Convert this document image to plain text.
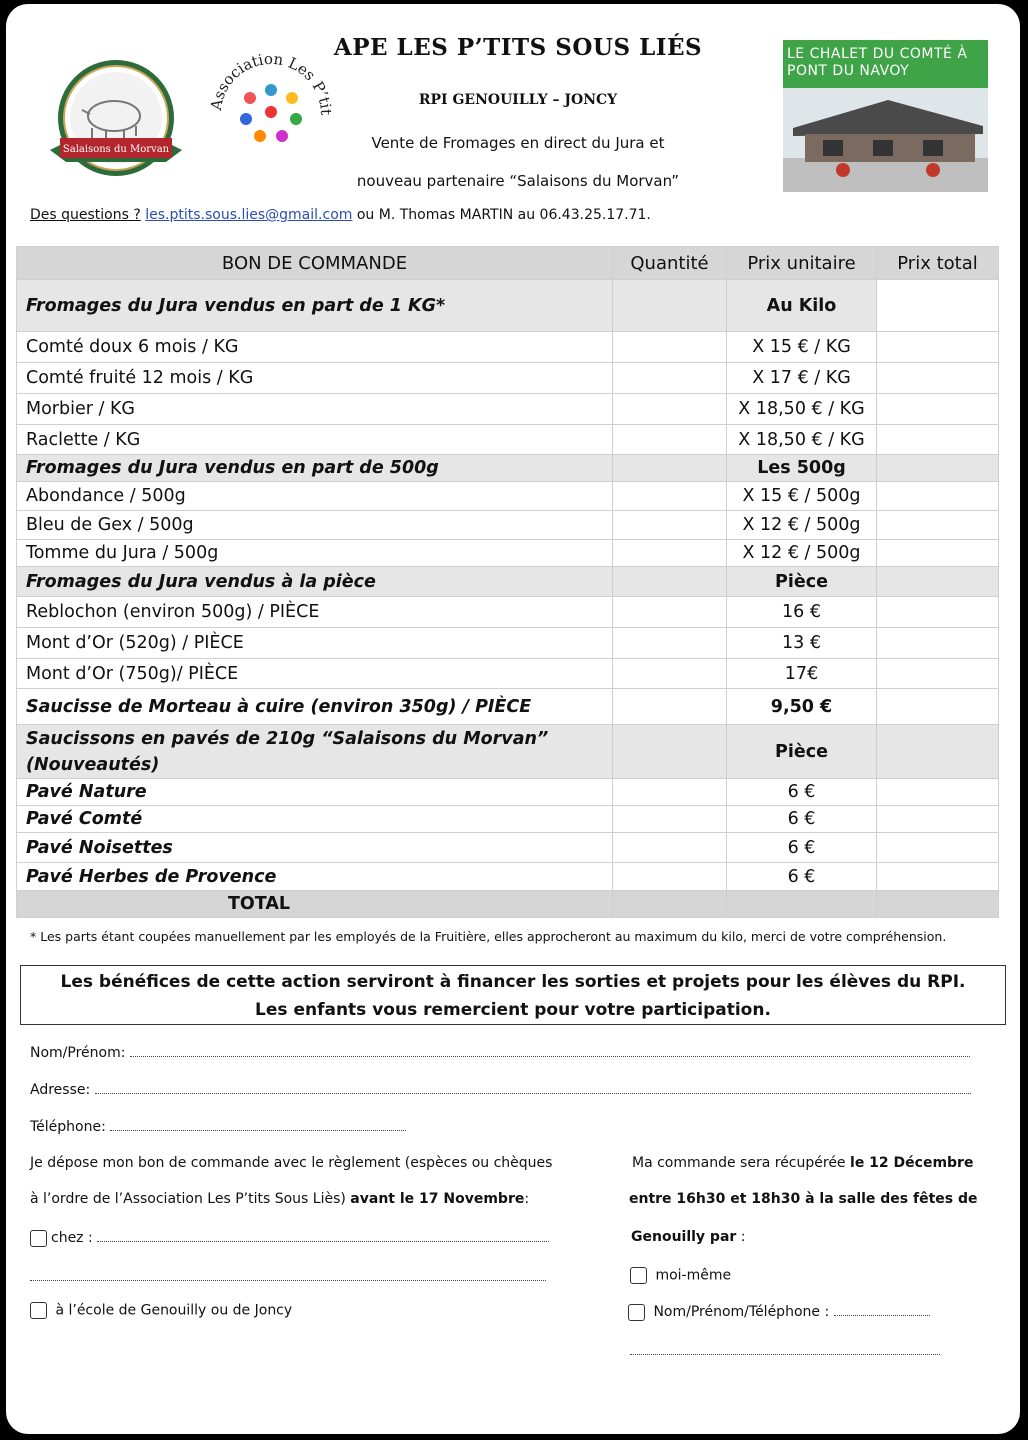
Salaisons du Morvan
Association Les P’tit
LE CHALET DU COMTÉ À PONT DU NAVOY
APE LES P’TITS SOUS LIÉS
RPI GENOUILLY – JONCY
Vente de Fromages en direct du Jura et
nouveau partenaire “Salaisons du Morvan”
Des questions ? les.ptits.sous.lies@gmail.com ou M. Thomas MARTIN au 06.43.25.17.71.
BON DE COMMANDE	Quantité	Prix unitaire	Prix total
Fromages du Jura vendus en part de 1 KG*		Au Kilo	
Comté doux 6 mois / KG		X 15 € / KG	
Comté fruité 12 mois / KG		X 17 € / KG	
Morbier / KG		X 18,50 € / KG	
Raclette / KG		X 18,50 € / KG	
Fromages du Jura vendus en part de 500g		Les 500g	
Abondance / 500g		X 15 € / 500g	
Bleu de Gex / 500g		X 12 € / 500g	
Tomme du Jura / 500g		X 12 € / 500g	
Fromages du Jura vendus à la pièce		Pièce	
Reblochon (environ 500g) / PIÈCE		16 €	
Mont d’Or (520g) / PIÈCE		13 €	
Mont d’Or (750g)/ PIÈCE		17€	
Saucisse de Morteau à cuire (environ 350g) / PIÈCE		9,50 €	
Saucissons en pavés de 210g “Salaisons du Morvan” (Nouveautés)		Pièce	
Pavé Nature		6 €	
Pavé Comté		6 €	
Pavé Noisettes		6 €	
Pavé Herbes de Provence		6 €	
TOTAL			
* Les parts étant coupées manuellement par les employés de la Fruitière, elles approcheront au maximum du kilo, merci de votre compréhension.
Les bénéfices de cette action serviront à financer les sorties et projets pour les élèves du RPI.
Les enfants vous remercient pour votre participation.
Nom/Prénom:
Adresse:
Téléphone:
Je dépose mon bon de commande avec le règlement (espèces ou chèques
à l’ordre de l’Association Les P’tits Sous Liès) avant le 17 Novembre:
chez :
à l’école de Genouilly ou de Joncy
Ma commande sera récupérée le 12 Décembre
entre 16h30 et 18h30 à la salle des fêtes de
Genouilly par :
moi-même
Nom/Prénom/Téléphone :
